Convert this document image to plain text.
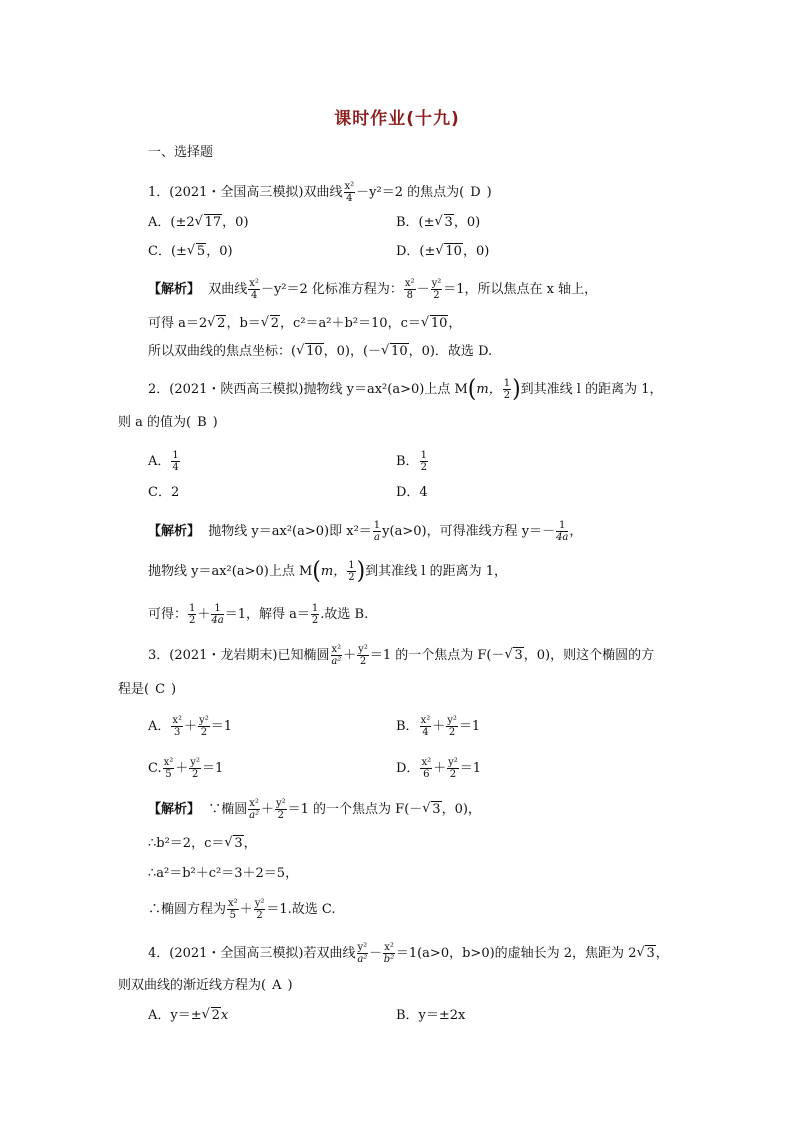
课时作业(十九)
一、选择题
1．(2021・全国高三模拟)双曲线 $\frac{\text{x²}}{4} -y^2=2$ 的焦点为( D )
A．(±2 √ 17，0)	B．(± √ 3，0)
C．(± √ 5，0)	D．(± √ 10，0)
【解析】 双曲线 $\frac{\text{x²}}{4} -y^2=2$ 化标准方程为： $\frac{\text{x²}}{8} - \frac{\text{y²}}{2} =1$，所以焦点在 x 轴上，
可得 a＝2 √ 2，b＝ √ 2，c²＝a²＋b²＝10，c＝ √ 10，
所以双曲线的焦点坐标：( √ 10，0)，(－ √ 10，0)．故选 D.
2．(2021・陕西高三模拟)抛物线 y＝ax²(a>0)上点 M(m， $\frac{1}{2}$ )到其准线 l 的距离为 1，
则 a 的值为( B )
A． $\frac{1}{4}$	B． $\frac{1}{2}$
C．2	D．4
【解析】 抛物线 y＝ax²(a>0)即 $x^2= \frac{1}{a}y(a>0)$，可得准线方程 $y=- \frac{1}{4a}$，
抛物线 y＝ax²(a>0)上点 M(m， $\frac{1}{2}$ )到其准线 l 的距离为 1，
可得： $\frac{1}{2} + \frac{1}{4a}=1$，解得 $a= \frac{1}{2}$ .故选 B.
3．(2021・龙岩期末)已知椭圆 $\frac{\text{x²}}{\text{a²}}+ \frac{\text{y²}}{2} =1$ 的一个焦点为 F(－ √ 3，0)，则这个椭圆的方
程是( C )
A． $\frac{\text{x²}}{3} + \frac{\text{y²}}{2} =1$	B． $\frac{\text{x²}}{4} + \frac{\text{y²}}{2} =1$
C. $\frac{\text{x²}}{5} + \frac{\text{y²}}{2} =1$	D． $\frac{\text{x²}}{6} + \frac{\text{y²}}{2} =1$
【解析】 ∵椭圆 $\frac{\text{x²}}{\text{a²}}+ \frac{\text{y²}}{2} =1$ 的一个焦点为 F(－ √ 3，0)，
∴b²＝2，c＝ √ 3，
∴a²＝b²＋c²＝3＋2＝5，
∴椭圆方程为 $\frac{\text{x²}}{5} + \frac{\text{y²}}{2} =1$.故选 C.
4．(2021・全国高三模拟)若双曲线 $\frac{\text{y²}}{\text{a²}}- \frac{\text{x²}}{\text{b²}}=1(a>0$，b>0)的虚轴长为 2，焦距为 2 √ 3，
则双曲线的渐近线方程为( A )
A．y＝± √ 2x	B．y＝±2x
